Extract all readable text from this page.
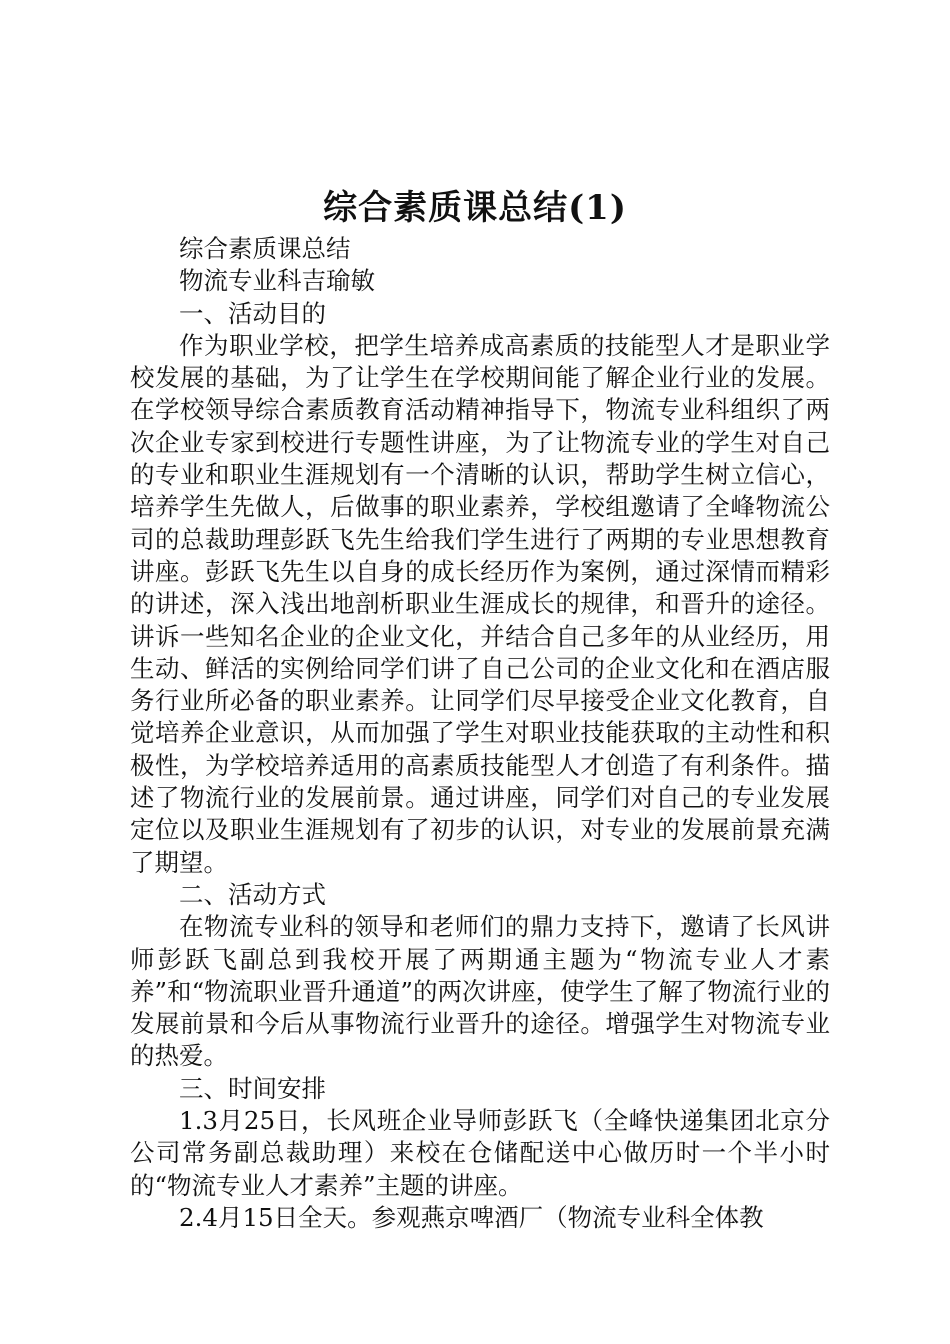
综合素质课总结(1)

综合素质课总结

物流专业科吉瑜敏

一、活动目的

作为职业学校，把学生培养成高素质的技能型人才是职业学校发展的基础，为了让学生在学校期间能了解企业行业的发展。在学校领导综合素质教育活动精神指导下，物流专业科组织了两次企业专家到校进行专题性讲座，为了让物流专业的学生对自己的专业和职业生涯规划有一个清晰的认识，帮助学生树立信心，培养学生先做人，后做事的职业素养，学校组邀请了全峰物流公司的总裁助理彭跃飞先生给我们学生进行了两期的专业思想教育讲座。彭跃飞先生以自身的成长经历作为案例，通过深情而精彩的讲述，深入浅出地剖析职业生涯成长的规律，和晋升的途径。讲诉一些知名企业的企业文化，并结合自己多年的从业经历，用生动、鲜活的实例给同学们讲了自己公司的企业文化和在酒店服务行业所必备的职业素养。让同学们尽早接受企业文化教育，自觉培养企业意识，从而加强了学生对职业技能获取的主动性和积极性，为学校培养适用的高素质技能型人才创造了有利条件。描述了物流行业的发展前景。通过讲座，同学们对自己的专业发展定位以及职业生涯规划有了初步的认识，对专业的发展前景充满了期望。

二、活动方式

在物流专业科的领导和老师们的鼎力支持下，邀请了长风讲师彭跃飞副总到我校开展了两期通主题为“物流专业人才素养”和“物流职业晋升通道”的两次讲座，使学生了解了物流行业的发展前景和今后从事物流行业晋升的途径。增强学生对物流专业的热爱。

三、时间安排

1.3月25日，长风班企业导师彭跃飞（全峰快递集团北京分公司常务副总裁助理）来校在仓储配送中心做历时一个半小时的“物流专业人才素养”主题的讲座。

2.4月15日全天。参观燕京啤酒厂（物流专业科全体教
